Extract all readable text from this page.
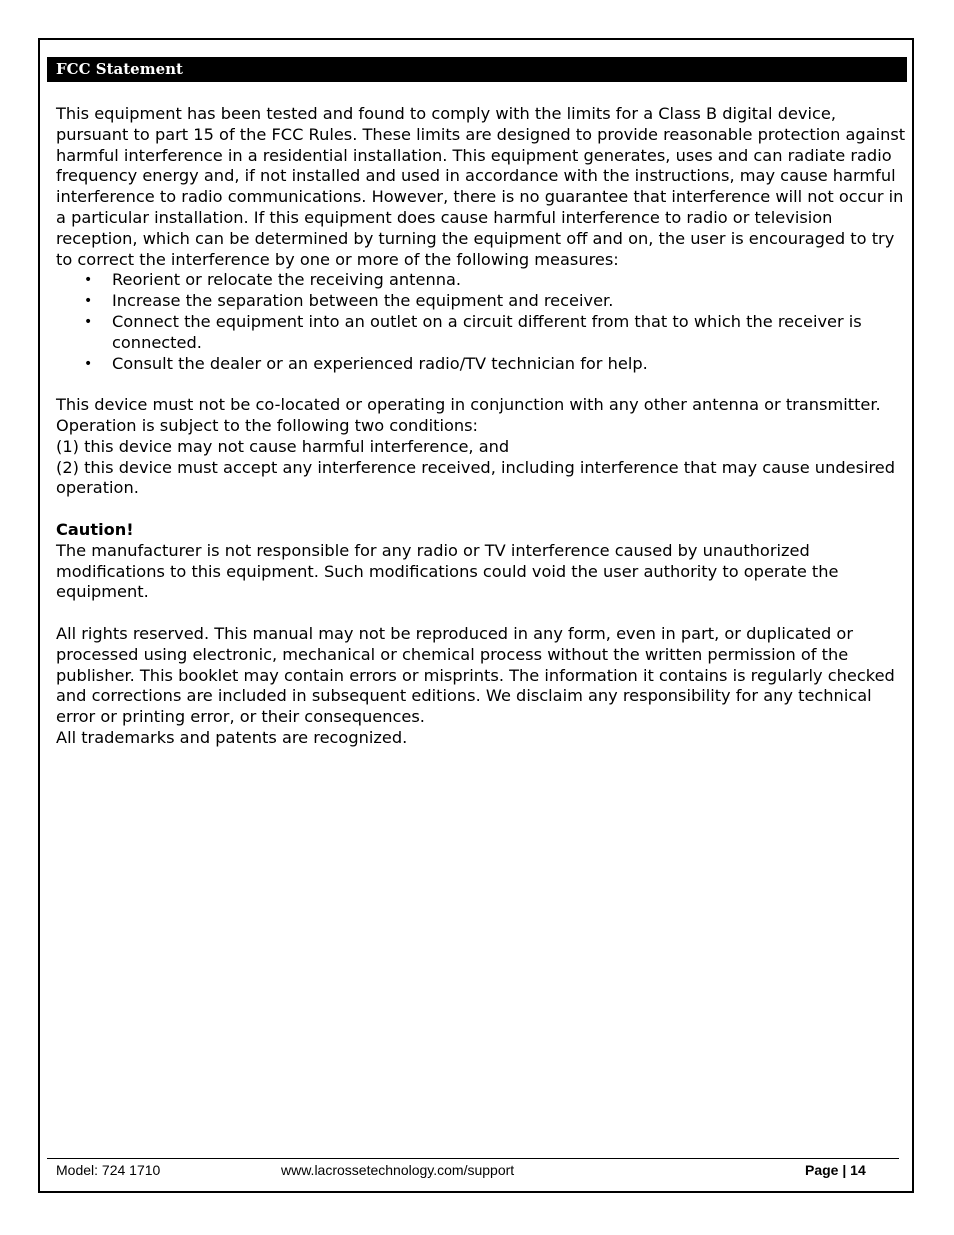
FCC Statement

This equipment has been tested and found to comply with the limits for a Class B digital device, pursuant to part 15 of the FCC Rules. These limits are designed to provide reasonable protection against harmful interference in a residential installation. This equipment generates, uses and can radiate radio frequency energy and, if not installed and used in accordance with the instructions, may cause harmful interference to radio communications. However, there is no guarantee that interference will not occur in a particular installation. If this equipment does cause harmful interference to radio or television reception, which can be determined by turning the equipment off and on, the user is encouraged to try to correct the interference by one or more of the following measures:

• Reorient or relocate the receiving antenna.
• Increase the separation between the equipment and receiver.
• Connect the equipment into an outlet on a circuit different from that to which the receiver is connected.
• Consult the dealer or an experienced radio/TV technician for help.

This device must not be co-located or operating in conjunction with any other antenna or transmitter. Operation is subject to the following two conditions:

(1) this device may not cause harmful interference, and

(2) this device must accept any interference received, including interference that may cause undesired operation.

Caution!

The manufacturer is not responsible for any radio or TV interference caused by unauthorized modifications to this equipment. Such modifications could void the user authority to operate the equipment.

All rights reserved. This manual may not be reproduced in any form, even in part, or duplicated or processed using electronic, mechanical or chemical process without the written permission of the publisher. This booklet may contain errors or misprints. The information it contains is regularly checked and corrections are included in subsequent editions. We disclaim any responsibility for any technical error or printing error, or their consequences.

All trademarks and patents are recognized.

Model: 724 1710	www.lacrossetechnology.com/support	Page | 14
